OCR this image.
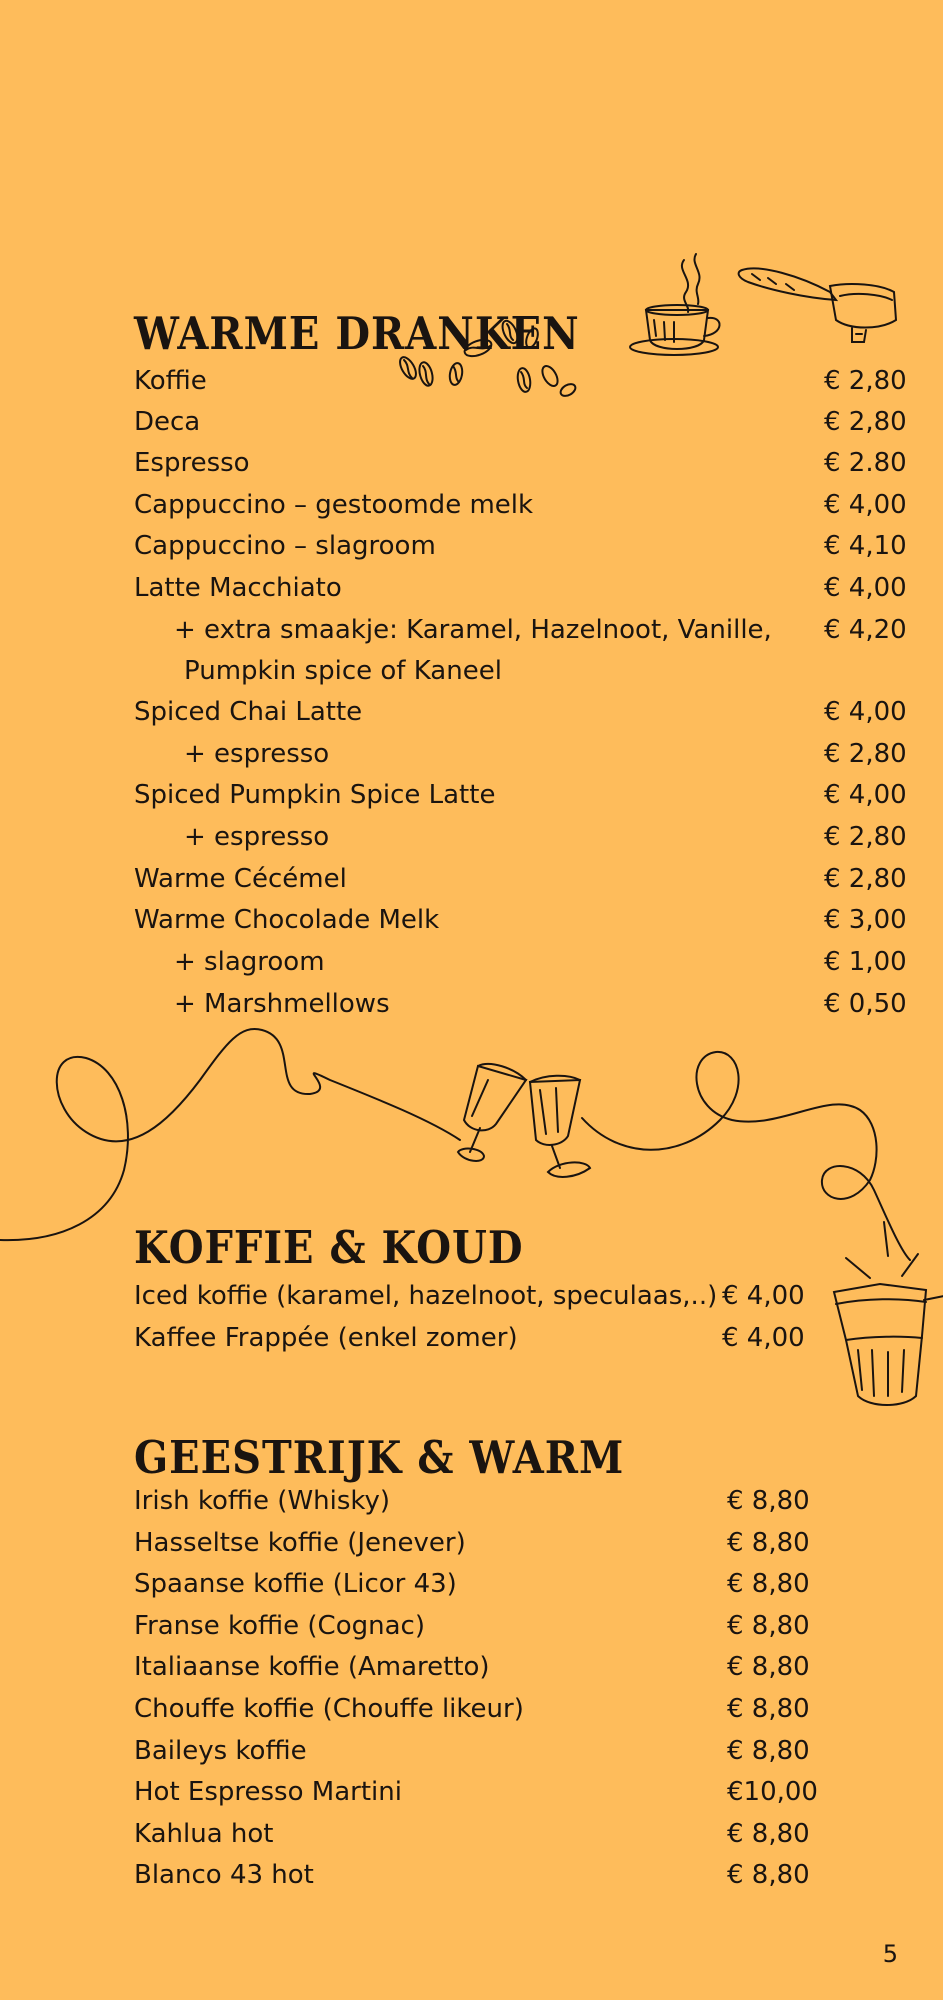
WARME DRANKEN
Koffie	€ 2,80
Deca	€ 2,80
Espresso	€ 2.80
Cappuccino – gestoomde melk	€ 4,00
Cappuccino – slagroom	€ 4,10
Latte Macchiato	€ 4,00
+ extra smaakje: Karamel, Hazelnoot, Vanille, € 4,20
Pumpkin spice of Kaneel
Spiced Chai Latte	€ 4,00
+ espresso	€ 2,80
Spiced Pumpkin Spice Latte	€ 4,00
+ espresso	€ 2,80
Warme Cécémel	€ 2,80
Warme Chocolade Melk	€ 3,00
+ slagroom	€ 1,00
+ Marshmellows	€ 0,50
KOFFIE & KOUD
Iced koffie (karamel, hazelnoot, speculaas,..) € 4,00
Kaffee Frappée (enkel zomer)	€ 4,00
GEESTRIJK & WARM
Irish koffie (Whisky)	€ 8,80
Hasseltse koffie (Jenever)	€ 8,80
Spaanse koffie (Licor 43)	€ 8,80
Franse koffie (Cognac)	€ 8,80
Italiaanse koffie (Amaretto)	€ 8,80
Chouffe koffie (Chouffe likeur)	€ 8,80
Baileys koffie	€ 8,80
Hot Espresso Martini	€10,00
Kahlua hot	€ 8,80
Blanco 43 hot	€ 8,80
5
